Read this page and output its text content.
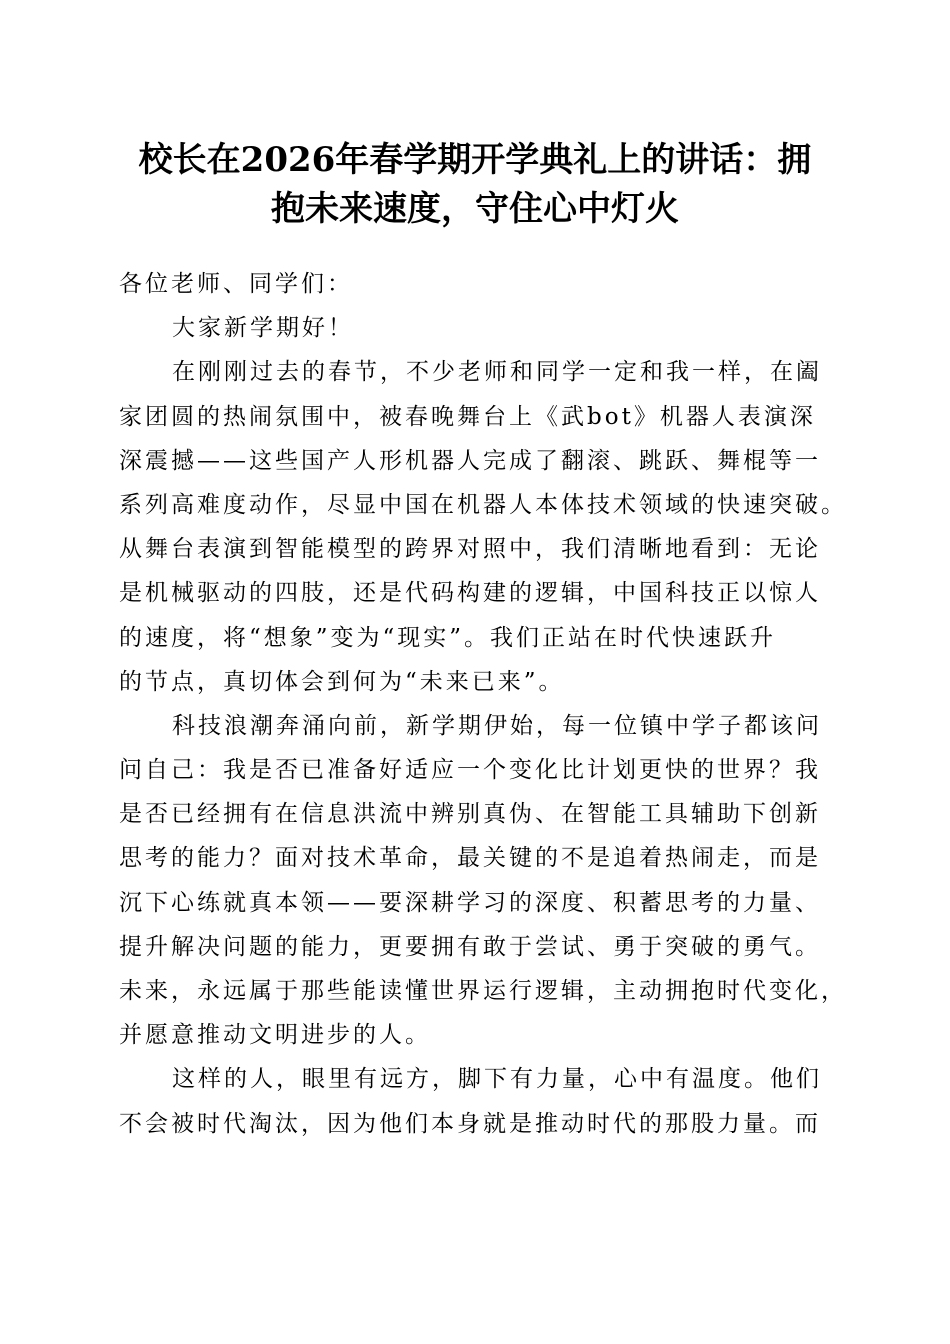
校长在2026年春学期开学典礼上的讲话：拥
抱未来速度，守住心中灯火
各位老师、同学们：
大家新学期好！
在刚刚过去的春节，不少老师和同学一定和我一样，在阖
家团圆的热闹氛围中，被春晚舞台上《武bot》机器人表演深
深震撼——这些国产人形机器人完成了翻滚、跳跃、舞棍等一
系列高难度动作，尽显中国在机器人本体技术领域的快速突破。
从舞台表演到智能模型的跨界对照中，我们清晰地看到：无论
是机械驱动的四肢，还是代码构建的逻辑，中国科技正以惊人
的速度，将“想象”变为“现实”。我们正站在时代快速跃升
的节点，真切体会到何为“未来已来”。
科技浪潮奔涌向前，新学期伊始，每一位镇中学子都该问
问自己：我是否已准备好适应一个变化比计划更快的世界？我
是否已经拥有在信息洪流中辨别真伪、在智能工具辅助下创新
思考的能力？面对技术革命，最关键的不是追着热闹走，而是
沉下心练就真本领——要深耕学习的深度、积蓄思考的力量、
提升解决问题的能力，更要拥有敢于尝试、勇于突破的勇气。
未来，永远属于那些能读懂世界运行逻辑，主动拥抱时代变化，
并愿意推动文明进步的人。
这样的人，眼里有远方，脚下有力量，心中有温度。他们
不会被时代淘汰，因为他们本身就是推动时代的那股力量。而
